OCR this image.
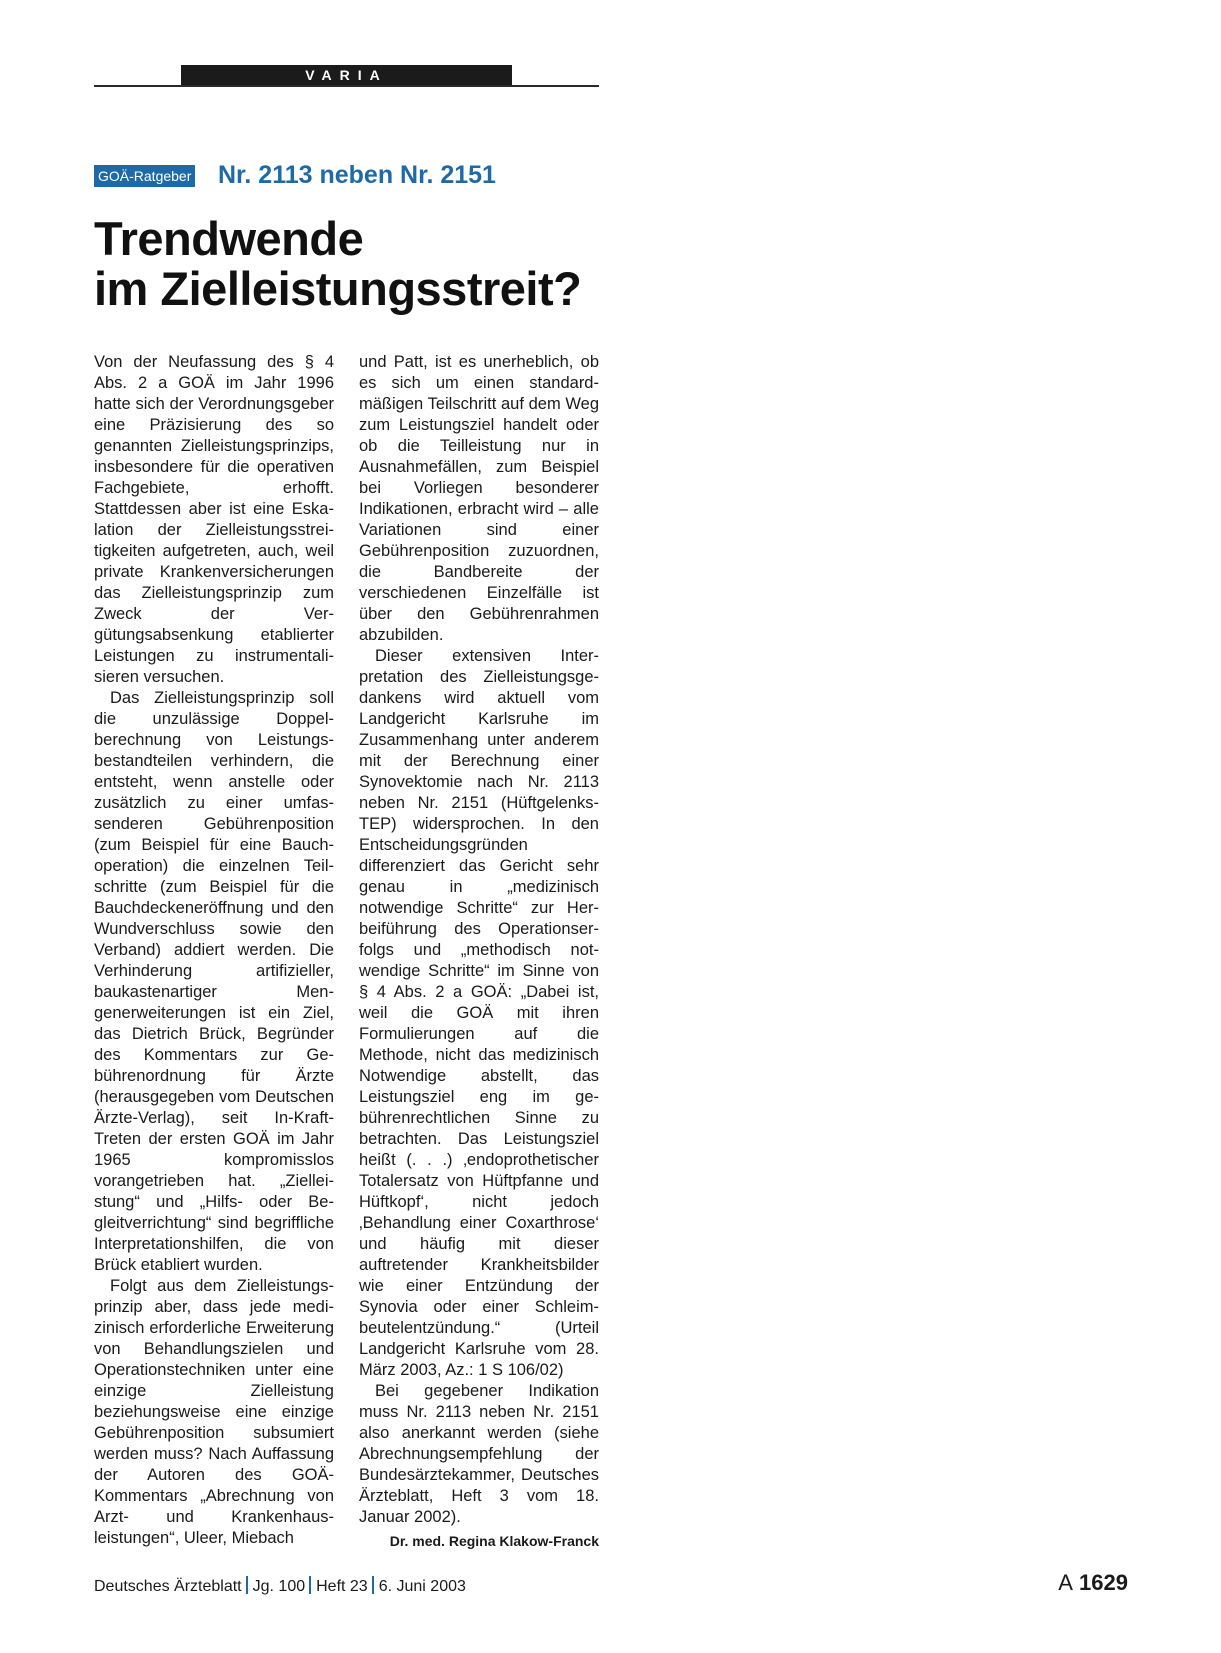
VARIA
GOÄ-Ratgeber Nr. 2113 neben Nr. 2151
Trendwende
im Zielleistungsstreit?

Von der Neufassung des § 4 Abs. 2 a GOÄ im Jahr 1996 hatte sich der Verordnungsgeber eine Präzisierung des so genannten Zielleistungsprinzips, insbesondere für die operativen Fachgebiete, erhofft. Stattdessen aber ist eine Eskalation der Zielleistungsstreitigkeiten aufgetreten, auch, weil private Krankenversicherungen das Zielleistungsprinzip zum Zweck der Vergütungsabsenkung etablierter Leistungen zu instrumentalisieren versuchen.

Das Zielleistungsprinzip soll die unzulässige Doppelberechnung von Leistungsbestandteilen verhindern, die entsteht, wenn anstelle oder zusätzlich zu einer umfassenderen Gebührenposition (zum Beispiel für eine Bauchoperation) die einzelnen Teilschritte (zum Beispiel für die Bauchdeckeneröffnung und den Wundverschluss sowie den Verband) addiert werden. Die Verhinderung artifizieller, baukastenartiger Mengenerweiterungen ist ein Ziel, das Dietrich Brück, Begründer des Kommentars zur Gebührenordnung für Ärzte (herausgegeben vom Deutschen Ärzte-Verlag), seit In-Kraft-Treten der ersten GOÄ im Jahr 1965 kompromisslos vorangetrieben hat. „Zielleistung“ und „Hilfs- oder Begleitverrichtung“ sind begriffliche Interpretationshilfen, die von Brück etabliert wurden.

Folgt aus dem Zielleistungsprinzip aber, dass jede medizinisch erforderliche Erweiterung von Behandlungszielen und Operationstechniken unter eine einzige Zielleistung beziehungsweise eine einzige Gebührenposition subsumiert werden muss? Nach Auffassung der Autoren des GOÄ-Kommentars „Abrechnung von Arzt- und Krankenhausleistungen“, Uleer, Miebach

und Patt, ist es unerheblich, ob es sich um einen standardmäßigen Teilschritt auf dem Weg zum Leistungsziel handelt oder ob die Teilleistung nur in Ausnahmefällen, zum Beispiel bei Vorliegen besonderer Indikationen, erbracht wird – alle Variationen sind einer Gebührenposition zuzuordnen, die Bandbereite der verschiedenen Einzelfälle ist über den Gebührenrahmen abzubilden.

Dieser extensiven Interpretation des Zielleistungsgedankens wird aktuell vom Landgericht Karlsruhe im Zusammenhang unter anderem mit der Berechnung einer Synovektomie nach Nr. 2113 neben Nr. 2151 (Hüftgelenks-TEP) widersprochen. In den Entscheidungsgründen differenziert das Gericht sehr genau in „medizinisch notwendige Schritte“ zur Herbeiführung des Operationserfolgs und „methodisch notwendige Schritte“ im Sinne von § 4 Abs. 2 a GOÄ: „Dabei ist, weil die GOÄ mit ihren Formulierungen auf die Methode, nicht das medizinisch Notwendige abstellt, das Leistungsziel eng im gebührenrechtlichen Sinne zu betrachten. Das Leistungsziel heißt (. . .) ‚endoprothetischer Totalersatz von Hüftpfanne und Hüftkopf‘, nicht jedoch ‚Behandlung einer Coxarthrose‘ und häufig mit dieser auftretender Krankheitsbilder wie einer Entzündung der Synovia oder einer Schleimbeutelentzündung.“ (Urteil Landgericht Karlsruhe vom 28. März 2003, Az.: 1 S 106/02)

Bei gegebener Indikation muss Nr. 2113 neben Nr. 2151 also anerkannt werden (siehe Abrechnungsempfehlung der Bundesärztekammer, Deutsches Ärzteblatt, Heft 3 vom 18. Januar 2002).

Dr. med. Regina Klakow-Franck
Deutsches Ärzteblatt Jg. 100 Heft 23 6. Juni 2003	A 1629
